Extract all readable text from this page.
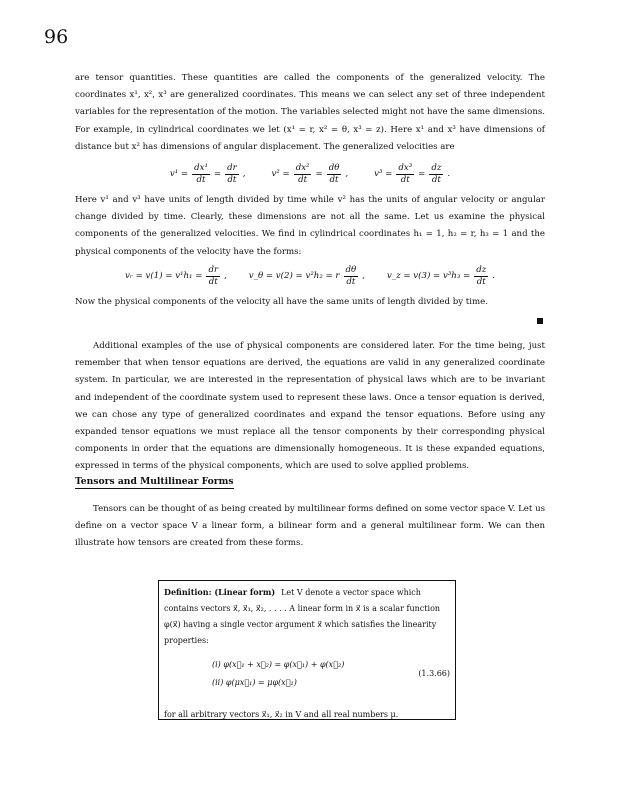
96
are tensor quantities. These quantities are called the components of the generalized velocity. The coordinates x¹, x², x³ are generalized coordinates. This means we can select any set of three independent variables for the representation of the motion. The variables selected might not have the same dimensions. For example, in cylindrical coordinates we let (x¹ = r, x² = θ, x³ = z). Here x¹ and x³ have dimensions of distance but x² has dimensions of angular displacement. The generalized velocities are
$v^1 = \frac{\text{dx¹}}{dt} = \frac{dr}{dt}$ ,	$v^2 = \frac{\text{dx²}}{dt} = \frac{d\theta}{dt}$ ,	$v^3 = \frac{\text{dx³}}{dt} = \frac{dz}{dt}$ .
Here v¹ and v³ have units of length divided by time while v² has the units of angular velocity or angular change divided by time. Clearly, these dimensions are not all the same. Let us examine the physical components of the generalized velocities. We find in cylindrical coordinates h₁ = 1, h₂ = r, h₃ = 1 and the physical components of the velocity have the forms:
vᵣ = $v(1) = v^1h_1 = \frac{dr}{dt}$ ,	v_θ = v(2) = v²h₂ = r $\frac{d\theta}{dt}$ ,	v_z = $v(3) = v^3h_3 = \frac{dz}{dt}$ .
Now the physical components of the velocity all have the same units of length divided by time.
Additional examples of the use of physical components are considered later. For the time being, just remember that when tensor equations are derived, the equations are valid in any generalized coordinate system. In particular, we are interested in the representation of physical laws which are to be invariant and independent of the coordinate system used to represent these laws. Once a tensor equation is derived, we can chose any type of generalized coordinates and expand the tensor equations. Before using any expanded tensor equations we must replace all the tensor components by their corresponding physical components in order that the equations are dimensionally homogeneous. It is these expanded equations, expressed in terms of the physical components, which are used to solve applied problems.
Tensors and Multilinear Forms
Tensors can be thought of as being created by multilinear forms defined on some vector space V. Let us define on a vector space V a linear form, a bilinear form and a general multilinear form. We can then illustrate how tensors are created from these forms.
Definition: (Linear form) Let V denote a vector space which contains vectors x⃗, x⃗₁, x⃗₂, . . . . A linear form in x⃗ is a scalar function φ(x⃗) having a single vector argument x⃗ which satisfies the linearity properties:
(i) φ(x⃗₁ + x⃗₂) = φ(x⃗₁) + φ(x⃗₂)
(ii) φ(μx⃗₁) = μφ(x⃗₁)
(1.3.66)
for all arbitrary vectors x⃗₁, x⃗₂ in V and all real numbers μ.
